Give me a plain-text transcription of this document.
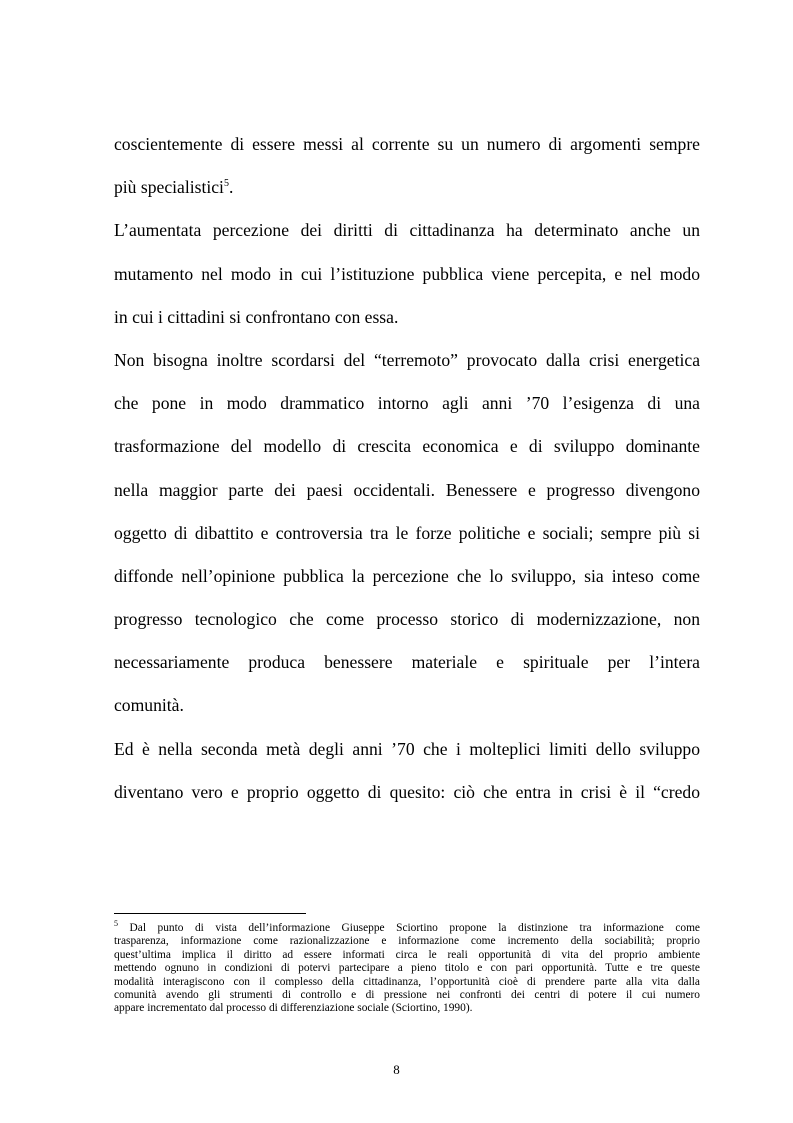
coscientemente di essere messi al corrente su un numero di argomenti sempre
più specialistici$^5$.
L’aumentata percezione dei diritti di cittadinanza ha determinato anche un
mutamento nel modo in cui l’istituzione pubblica viene percepita, e nel modo
in cui i cittadini si confrontano con essa.
Non bisogna inoltre scordarsi del “terremoto” provocato dalla crisi energetica
che pone in modo drammatico intorno agli anni ’70 l’esigenza di una
trasformazione del modello di crescita economica e di sviluppo dominante
nella maggior parte dei paesi occidentali. Benessere e progresso divengono
oggetto di dibattito e controversia tra le forze politiche e sociali; sempre più si
diffonde nell’opinione pubblica la percezione che lo sviluppo, sia inteso come
progresso tecnologico che come processo storico di modernizzazione, non
necessariamente produca benessere materiale e spirituale per l’intera
comunità.
Ed è nella seconda metà degli anni ’70 che i molteplici limiti dello sviluppo
diventano vero e proprio oggetto di quesito: ciò che entra in crisi è il “credo
$^5$ Dal punto di vista dell’informazione Giuseppe Sciortino propone la distinzione tra informazione come
trasparenza, informazione come razionalizzazione e informazione come incremento della sociabilità; proprio
quest’ultima implica il diritto ad essere informati circa le reali opportunità di vita del proprio ambiente
mettendo ognuno in condizioni di potervi partecipare a pieno titolo e con pari opportunità. Tutte e tre queste
modalità interagiscono con il complesso della cittadinanza, l’opportunità cioè di prendere parte alla vita dalla
comunità avendo gli strumenti di controllo e di pressione nei confronti dei centri di potere il cui numero
appare incrementato dal processo di differenziazione sociale (Sciortino, 1990).
8
